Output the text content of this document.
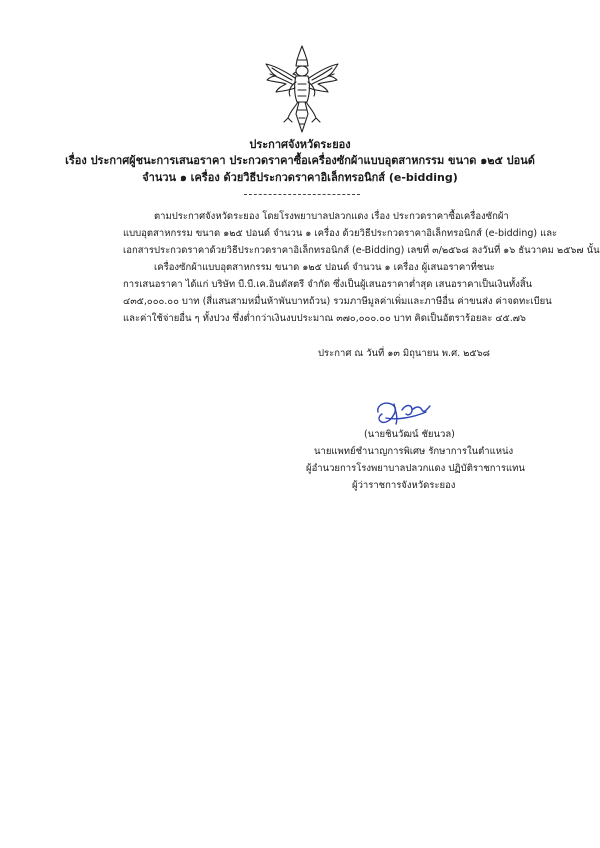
ประกาศจังหวัดระยอง
เรื่อง ประกาศผู้ชนะการเสนอราคา ประกวดราคาซื้อเครื่องซักผ้าแบบอุตสาหกรรม ขนาด ๑๒๕ ปอนด์
จำนวน ๑ เครื่อง ด้วยวิธีประกวดราคาอิเล็กทรอนิกส์ (e-bidding)
ตามประกาศจังหวัดระยอง โดยโรงพยาบาลปลวกแดง เรื่อง ประกวดราคาซื้อเครื่องซักผ้า
แบบอุตสาหกรรม ขนาด ๑๒๕ ปอนด์ จำนวน ๑ เครื่อง ด้วยวิธีประกวดราคาอิเล็กทรอนิกส์ (e-bidding) และ
เอกสารประกวดราคาด้วยวิธีประกวดราคาอิเล็กทรอนิกส์ (e-Bidding) เลขที่ ๓/๒๕๖๘ ลงวันที่ ๑๖ ธันวาคม ๒๕๖๗ นั้น
เครื่องซักผ้าแบบอุตสาหกรรม ขนาด ๑๒๕ ปอนด์ จำนวน ๑ เครื่อง ผู้เสนอราคาที่ชนะ
การเสนอราคา ได้แก่ บริษัท บี.บี.เค.อินดัสตรี จำกัด ซึ่งเป็นผู้เสนอราคาต่ำสุด เสนอราคาเป็นเงินทั้งสิ้น
๔๓๕,๐๐๐.๐๐ บาท (สี่แสนสามหมื่นห้าพันบาทถ้วน) รวมภาษีมูลค่าเพิ่มและภาษีอื่น ค่าขนส่ง ค่าจดทะเบียน
และค่าใช้จ่ายอื่น ๆ ทั้งปวง ซึ่งต่ำกว่าเงินงบประมาณ ๓๗๐,๐๐๐.๐๐ บาท คิดเป็นอัตราร้อยละ ๔๕.๗๖
ประกาศ ณ วันที่ ๑๓ มิถุนายน พ.ศ. ๒๕๖๘
(นายชินวัฒน์ ชัยนวล)
นายแพทย์ชำนาญการพิเศษ รักษาการในตำแหน่ง
ผู้อำนวยการโรงพยาบาลปลวกแดง ปฏิบัติราชการแทน
ผู้ว่าราชการจังหวัดระยอง
